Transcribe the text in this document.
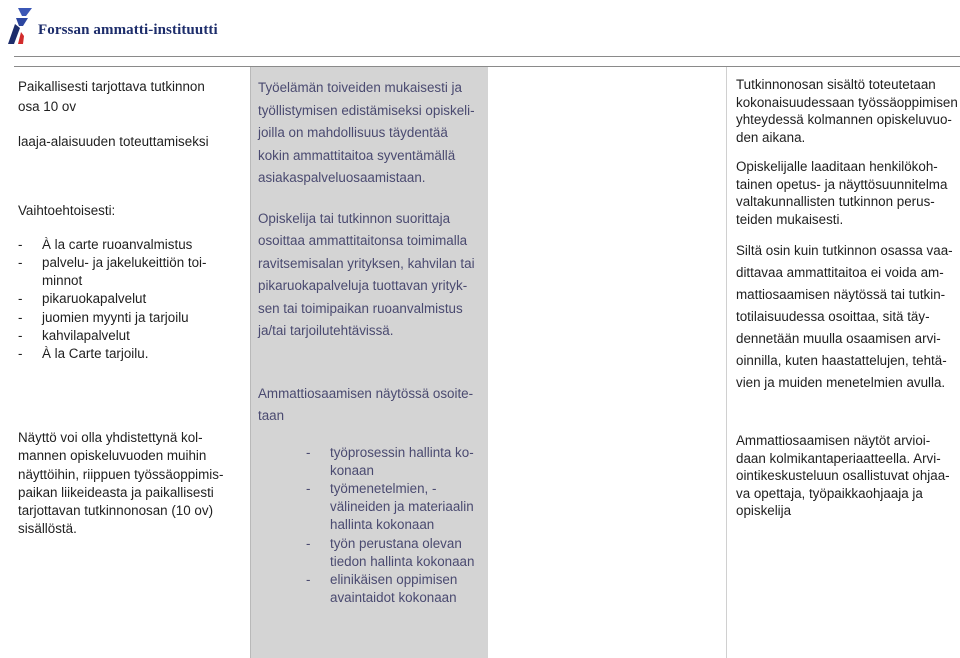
Forssan ammatti-instituutti

Paikallisesti tarjottava tutkinnon

osa 10 ov

laaja-alaisuuden toteuttamiseksi

Vaihtoehtoisesti:

-	À la carte ruoanvalmistus
-	palvelu- ja jakelukeittiön toi-
minnot
-	pikaruokapalvelut
-	juomien myynti ja tarjoilu
-	kahvilapalvelut
-	À la Carte tarjoilu.

Näyttö voi olla yhdistettynä kol-

mannen opiskeluvuoden muihin

näyttöihin, riippuen työssäoppimis-

paikan liikeideasta ja paikallisesti

tarjottavan tutkinnonosan (10 ov)

sisällöstä.

Työelämän toiveiden mukaisesti ja

työllistymisen edistämiseksi opiskeli-

joilla on mahdollisuus täydentää

kokin ammattitaitoa syventämällä

asiakaspalveluosaamistaan.

Opiskelija tai tutkinnon suorittaja

osoittaa ammattitaitonsa toimimalla

ravitsemisalan yrityksen, kahvilan tai

pikaruokapalveluja tuottavan yrityk-

sen tai toimipaikan ruoanvalmistus

ja/tai tarjoilutehtävissä.

Ammattiosaamisen näytössä osoite-

taan

-	työprosessin hallinta ko-
konaan
-	työmenetelmien, -
välineiden ja materiaalin
hallinta kokonaan
-	työn perustana olevan
tiedon hallinta kokonaan
-	elinikäisen oppimisen
avaintaidot kokonaan

Tutkinnonosan sisältö toteutetaan

kokonaisuudessaan työssäoppimisen

yhteydessä kolmannen opiskeluvuo-

den aikana.

Opiskelijalle laaditaan henkilökoh-

tainen opetus- ja näyttösuunnitelma

valtakunnallisten tutkinnon perus-

teiden mukaisesti.

Siltä osin kuin tutkinnon osassa vaa-

dittavaa ammattitaitoa ei voida am-

mattiosaamisen näytössä tai tutkin-

totilaisuudessa osoittaa, sitä täy-

dennetään muulla osaamisen arvi-

oinnilla, kuten haastattelujen, tehtä-

vien ja muiden menetelmien avulla.

Ammattiosaamisen näytöt arvioi-

daan kolmikantaperiaatteella. Arvi-

ointikeskusteluun osallistuvat ohjaa-

va opettaja, työpaikkaohjaaja ja

opiskelija
